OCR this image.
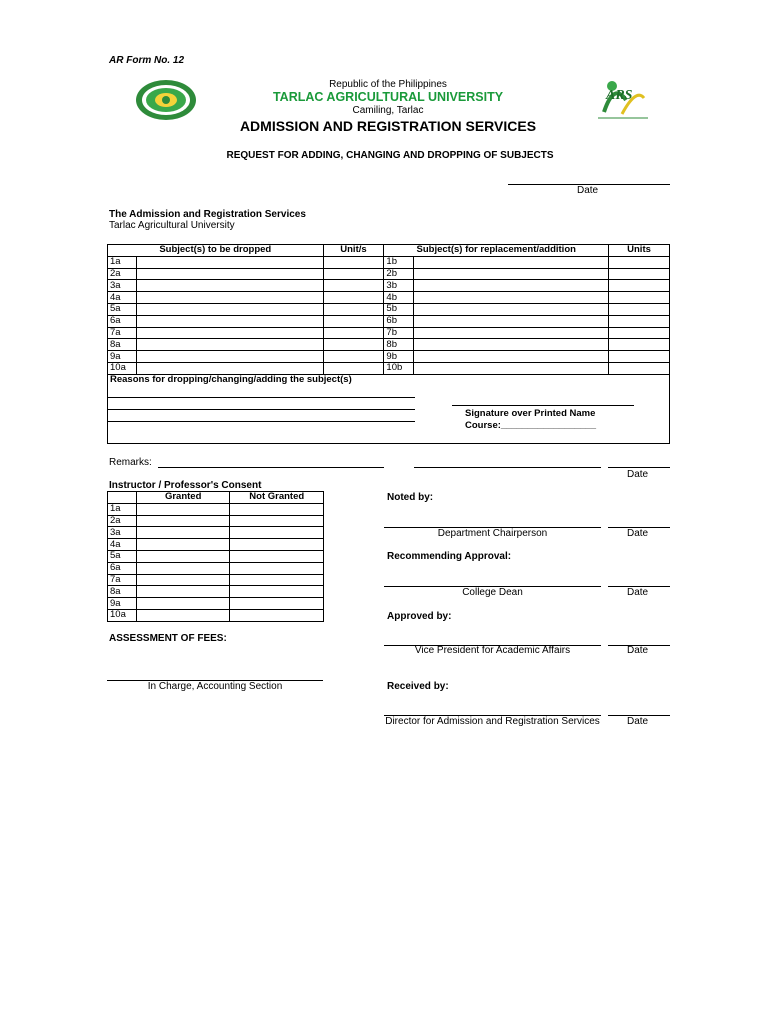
AR Form No. 12
ARS
Republic of the Philippines
TARLAC AGRICULTURAL UNIVERSITY
Camiling, Tarlac
ADMISSION AND REGISTRATION SERVICES
REQUEST FOR ADDING, CHANGING AND DROPPING OF SUBJECTS
Date
The Admission and Registration Services
Tarlac Agricultural University
Subject(s) to be dropped		Unit/s	Subject(s) for replacement/addition		Units
1a			1b		
2a			2b		
3a			3b		
4a			4b		
5a			5b		
6a			6b		
7a			7b		
8a			8b		
9a			9b		
10a			10b		

Reasons for dropping/changing/adding the subject(s)
Signature over Printed Name
Course:__________________					
Remarks:
Date
Instructor / Professor's Consent
	Granted	Not Granted
1a		
2a		
3a		
4a		
5a		
6a		
7a		
8a		
9a		
10a		
Noted by:
Department Chairperson	Date
Recommending Approval:
College Dean	Date
Approved by:
Vice President for Academic Affairs	Date
Received by:
Director for Admission and Registration Services	Date
ASSESSMENT OF FEES:
In Charge, Accounting Section
